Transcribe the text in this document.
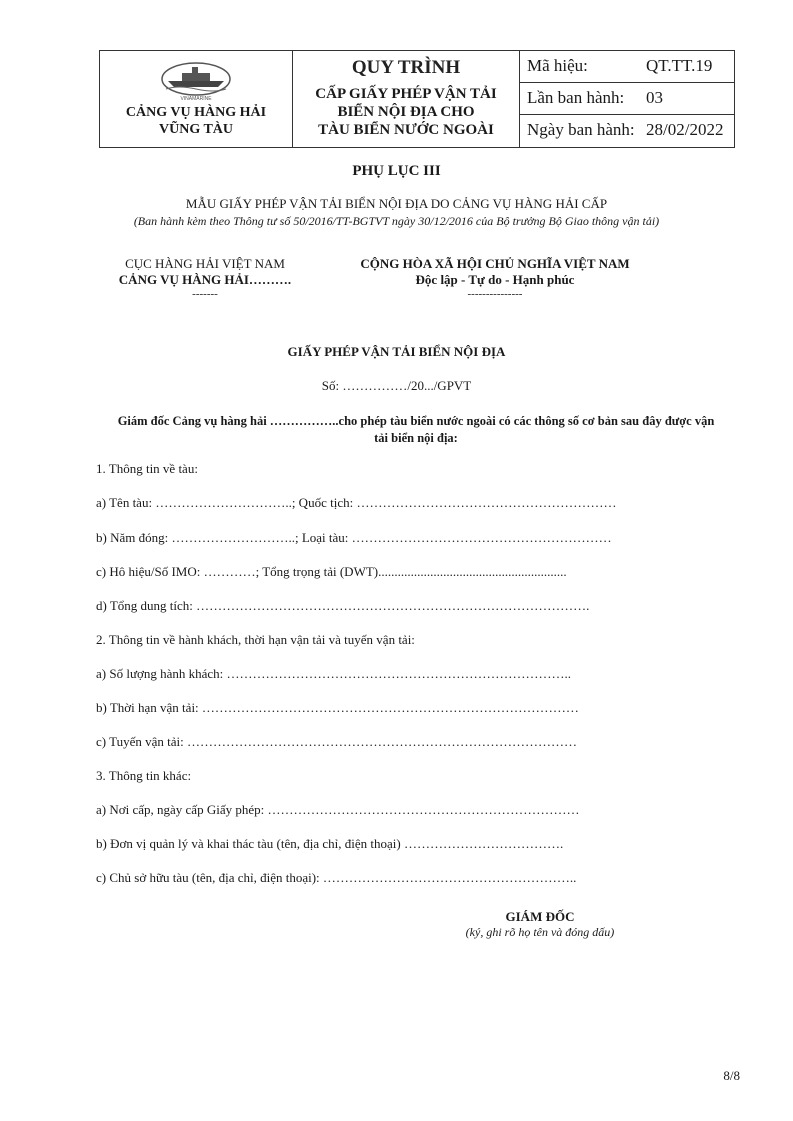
VINAMARINE
CẢNG VỤ HÀNG HẢI
VŨNG TÀU
QUY TRÌNH
CẤP GIẤY PHÉP VẬN TẢI
BIỂN NỘI ĐỊA CHO
TÀU BIỂN NƯỚC NGOÀI
Mã hiệu:	QT.TT.19
Lần ban hành: 03
Ngày ban hành: 28/02/2022
PHỤ LỤC III
MẪU GIẤY PHÉP VẬN TẢI BIỂN NỘI ĐỊA DO CẢNG VỤ HÀNG HẢI CẤP
(Ban hành kèm theo Thông tư số 50/2016/TT-BGTVT ngày 30/12/2016 của Bộ trưởng Bộ Giao thông vận tải)
CỤC HÀNG HẢI VIỆT NAM
CẢNG VỤ HÀNG HẢI……….
-------
CỘNG HÒA XÃ HỘI CHỦ NGHĨA VIỆT NAM
Độc lập - Tự do - Hạnh phúc
---------------
GIẤY PHÉP VẬN TẢI BIỂN NỘI ĐỊA
Số: ……………/20.../GPVT
Giám đốc Cảng vụ hàng hải ……………..cho phép tàu biển nước ngoài có các thông số cơ bản sau đây được vận
tải biển nội địa:
1. Thông tin về tàu:
a) Tên tàu: …………………………..; Quốc tịch: ……………………………………………………
b) Năm đóng: ………………………..; Loại tàu: ……………………………………………………
c) Hô hiệu/Số IMO: …………; Tổng trọng tải (DWT)..........................................................
d) Tổng dung tích: ……………………………………………………………………………….
2. Thông tin về hành khách, thời hạn vận tải và tuyến vận tải:
a) Số lượng hành khách: ……………………………………………………………………..
b) Thời hạn vận tải: ……………………………………………………………………………
c) Tuyến vận tải: ………………………………………………………………………………
3. Thông tin khác:
a) Nơi cấp, ngày cấp Giấy phép: ………………………………………………………………
b) Đơn vị quản lý và khai thác tàu (tên, địa chỉ, điện thoại) ……………………………….
c) Chủ sở hữu tàu (tên, địa chỉ, điện thoại): …………………………………………………..
GIÁM ĐỐC
(ký, ghi rõ họ tên và đóng dấu)
8/8
